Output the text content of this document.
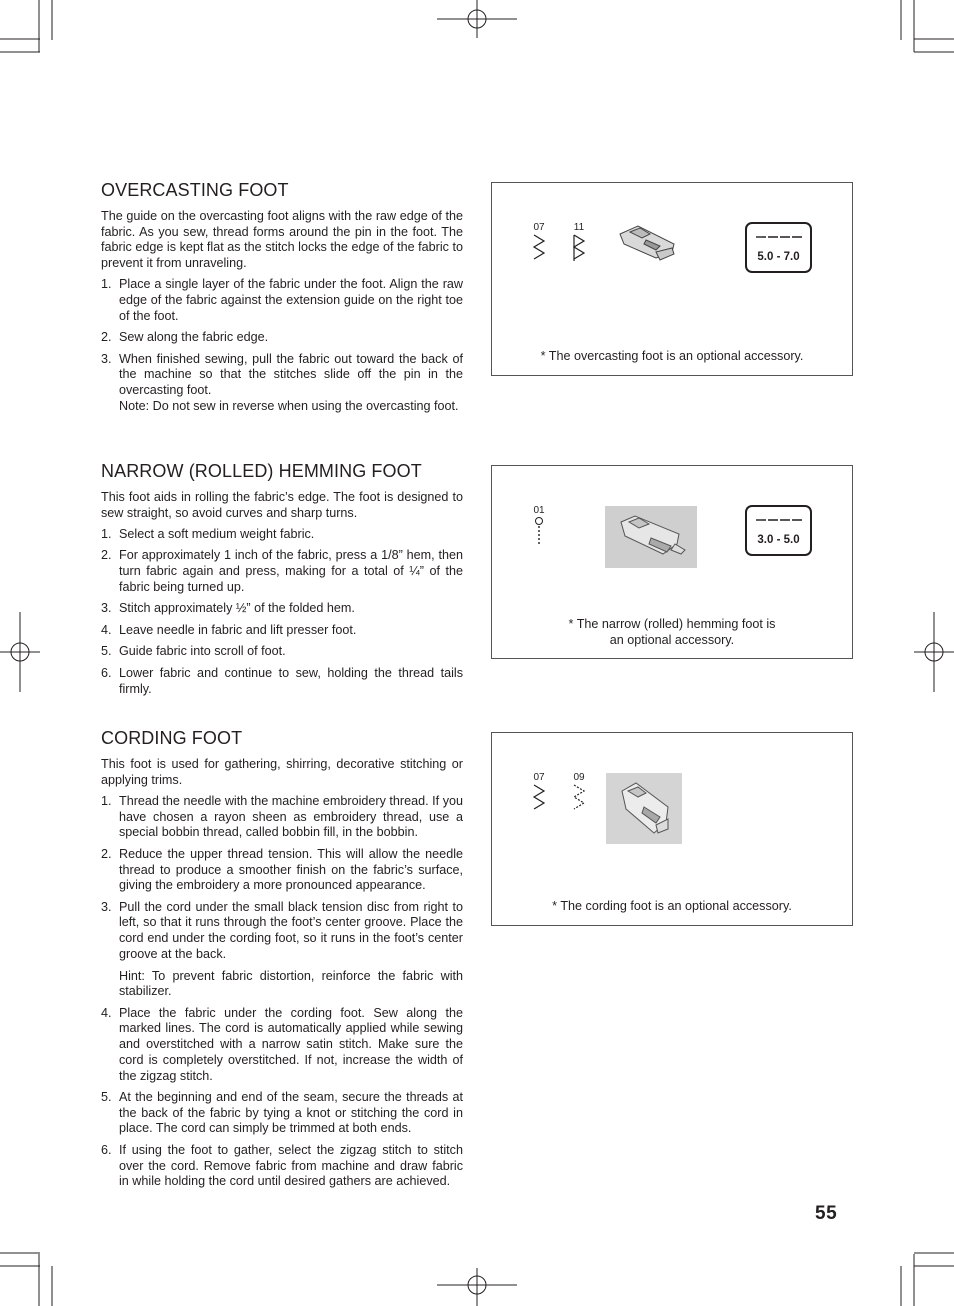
OVERCASTING FOOT

The guide on the overcasting foot aligns with the raw edge of the fabric. As you sew, thread forms around the pin in the foot. The fabric edge is kept flat as the stitch locks the edge of the fabric to prevent it from unraveling.

1. Place a single layer of the fabric under the foot. Align the raw edge of the fabric against the extension guide on the right toe of the foot.
2. Sew along the fabric edge.
3. When finished sewing, pull the fabric out toward the back of the machine so that the stitches slide off the pin in the overcasting foot.
Note: Do not sew in reverse when using the overcasting foot.
07	11
5.0 - 7.0
* The overcasting foot is an optional accessory.
NARROW (ROLLED) HEMMING FOOT

This foot aids in rolling the fabric’s edge. The foot is designed to sew straight, so avoid curves and sharp turns.

1. Select a soft medium weight fabric.
2. For approximately 1 inch of the fabric, press a 1/8” hem, then turn fabric again and press, making for a total of ¼” of the fabric being turned up.
3. Stitch approximately ½” of the folded hem.
4. Leave needle in fabric and lift presser foot.
5. Guide fabric into scroll of foot.
6. Lower fabric and continue to sew, holding the thread tails firmly.
01
3.0 - 5.0
* The narrow (rolled) hemming foot is
an optional accessory.
CORDING FOOT

This foot is used for gathering, shirring, decorative stitching or applying trims.

1. Thread the needle with the machine embroidery thread. If you have chosen a rayon sheen as embroidery thread, use a special bobbin thread, called bobbin fill, in the bobbin.
2. Reduce the upper thread tension. This will allow the needle thread to produce a smoother finish on the fabric’s surface, giving the embroidery a more pronounced appearance.
3. Pull the cord under the small black tension disc from right to left, so that it runs through the foot’s center groove. Place the cord end under the cording foot, so it runs in the foot’s center groove at the back.
Hint: To prevent fabric distortion, reinforce the fabric with stabilizer.
4. Place the fabric under the cording foot. Sew along the marked lines. The cord is automatically applied while sewing and overstitched with a narrow satin stitch. Make sure the cord is completely overstitched. If not, increase the width of the zigzag stitch.
5. At the beginning and end of the seam, secure the threads at the back of the fabric by tying a knot or stitching the cord in place. The cord can simply be trimmed at both ends.
6. If using the foot to gather, select the zigzag stitch to stitch over the cord. Remove fabric from machine and draw fabric in while holding the cord until desired gathers are achieved.
07	09
* The cording foot is an optional accessory.
55
